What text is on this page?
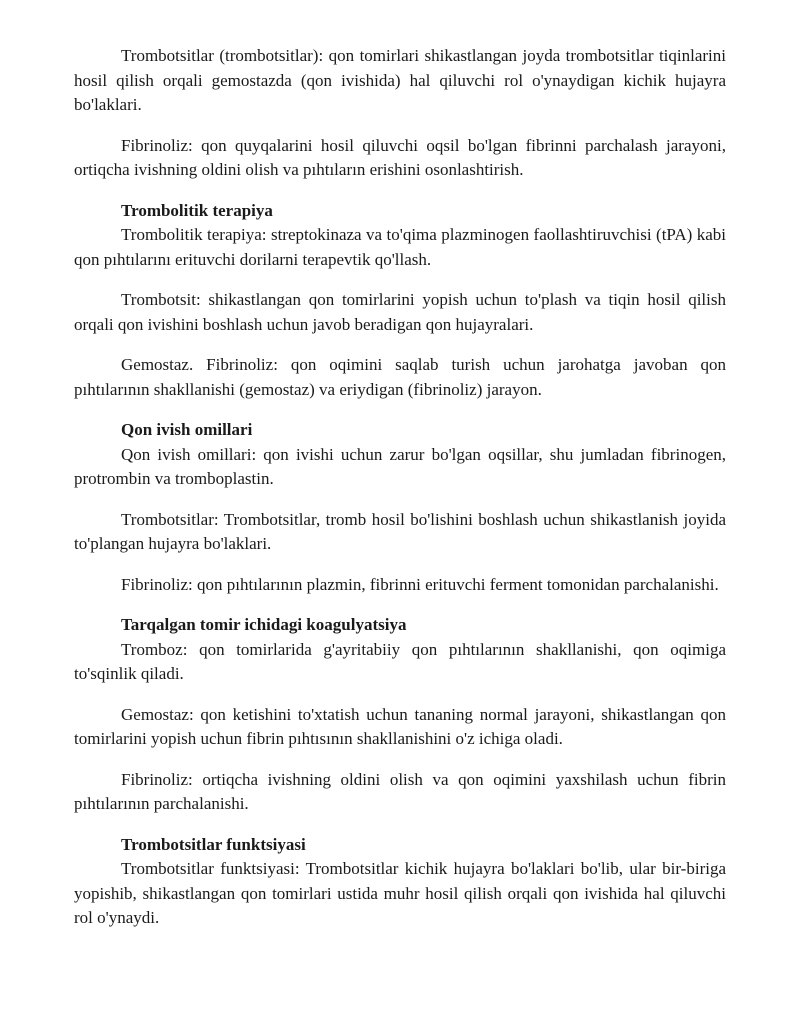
Trombotsitlar (trombotsitlar): qon tomirlari shikastlangan joyda trombotsitlar tiqinlarini hosil qilish orqali gemostazda (qon ivishida) hal qiluvchi rol o'ynaydigan kichik hujayra bo'laklari.

Fibrinoliz: qon quyqalarini hosil qiluvchi oqsil bo'lgan fibrinni parchalash jarayoni, ortiqcha ivishning oldini olish va pıhtıların erishini osonlashtirish.

Trombolitik terapiya

Trombolitik terapiya: streptokinaza va to'qima plazminogen faollashtiruvchisi (tPA) kabi qon pıhtılarını erituvchi dorilarni terapevtik qo'llash.

Trombotsit: shikastlangan qon tomirlarini yopish uchun to'plash va tiqin hosil qilish orqali qon ivishini boshlash uchun javob beradigan qon hujayralari.

Gemostaz. Fibrinoliz: qon oqimini saqlab turish uchun jarohatga javoban qon pıhtılarının shakllanishi (gemostaz) va eriydigan (fibrinoliz) jarayon.

Qon ivish omillari

Qon ivish omillari: qon ivishi uchun zarur bo'lgan oqsillar, shu jumladan fibrinogen, protrombin va tromboplastin.

Trombotsitlar: Trombotsitlar, tromb hosil bo'lishini boshlash uchun shikastlanish joyida to'plangan hujayra bo'laklari.

Fibrinoliz: qon pıhtılarının plazmin, fibrinni erituvchi ferment tomonidan parchalanishi.

Tarqalgan tomir ichidagi koagulyatsiya

Tromboz: qon tomirlarida g'ayritabiiy qon pıhtılarının shakllanishi, qon oqimiga to'sqinlik qiladi.

Gemostaz: qon ketishini to'xtatish uchun tananing normal jarayoni, shikastlangan qon tomirlarini yopish uchun fibrin pıhtısının shakllanishini o'z ichiga oladi.

Fibrinoliz: ortiqcha ivishning oldini olish va qon oqimini yaxshilash uchun fibrin pıhtılarının parchalanishi.

Trombotsitlar funktsiyasi

Trombotsitlar funktsiyasi: Trombotsitlar kichik hujayra bo'laklari bo'lib, ular bir-biriga yopishib, shikastlangan qon tomirlari ustida muhr hosil qilish orqali qon ivishida hal qiluvchi rol o'ynaydi.
